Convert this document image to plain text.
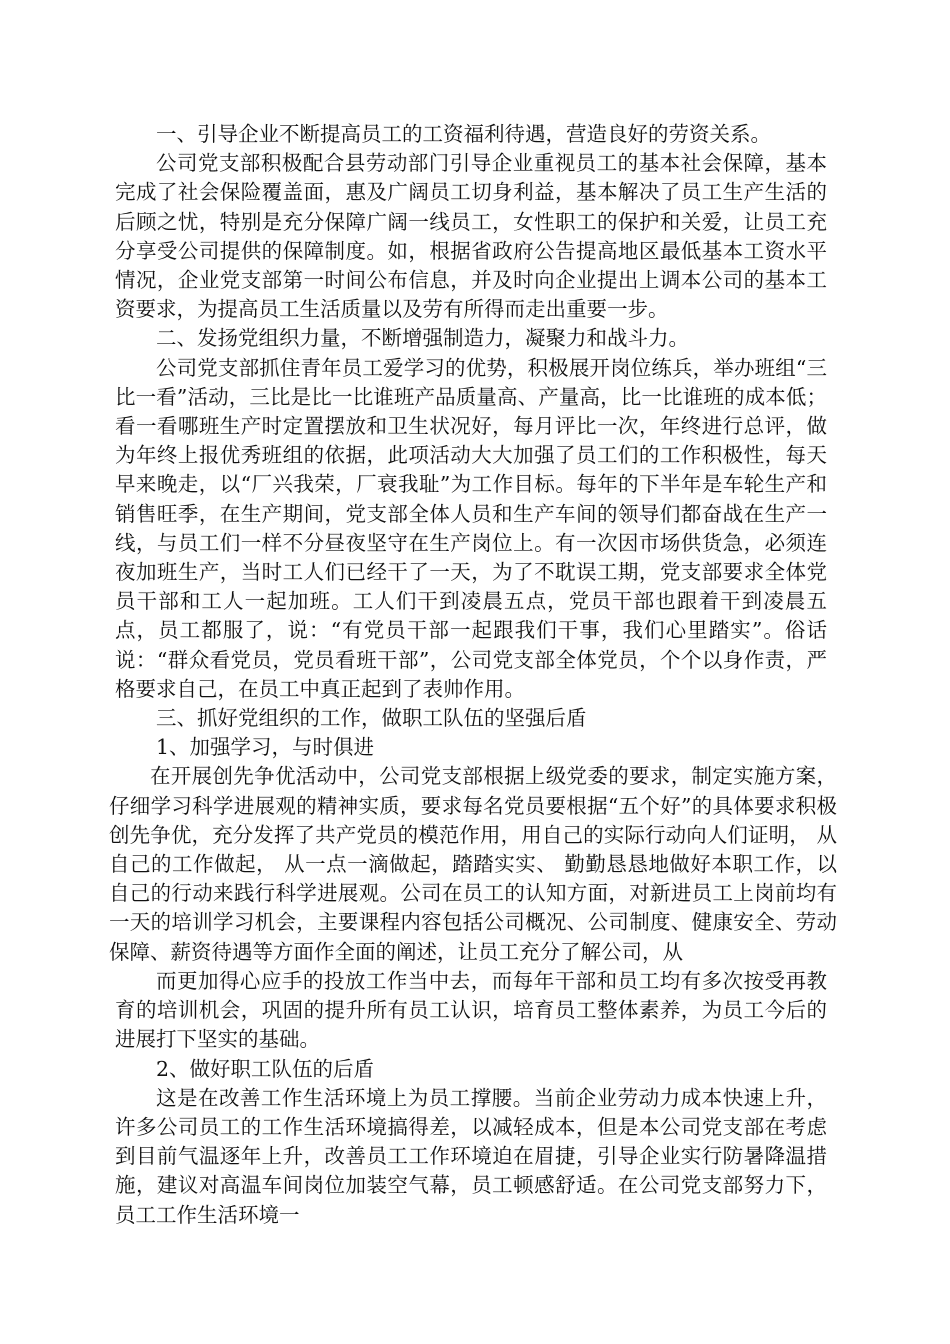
一、引导企业不断提高员工的工资福利待遇，营造良好的劳资关系。

公司党支部积极配合县劳动部门引导企业重视员工的基本社会保障，基本完成了社会保险覆盖面，惠及广阔员工切身利益，基本解决了员工生产生活的后顾之忧，特别是充分保障广阔一线员工，女性职工的保护和关爱，让员工充分享受公司提供的保障制度。如，根据省政府公告提高地区最低基本工资水平情况，企业党支部第一时间公布信息，并及时向企业提出上调本公司的基本工资要求，为提高员工生活质量以及劳有所得而走出重要一步。

二、发扬党组织力量，不断增强制造力，凝聚力和战斗力。

公司党支部抓住青年员工爱学习的优势，积极展开岗位练兵，举办班组“三比一看”活动，三比是比一比谁班产品质量高、产量高，比一比谁班的成本低；看一看哪班生产时定置摆放和卫生状况好，每月评比一次，年终进行总评，做为年终上报优秀班组的依据，此项活动大大加强了员工们的工作积极性，每天早来晚走，以“厂兴我荣，厂衰我耻”为工作目标。每年的下半年是车轮生产和销售旺季，在生产期间，党支部全体人员和生产车间的领导们都奋战在生产一线，与员工们一样不分昼夜坚守在生产岗位上。有一次因市场供货急，必须连夜加班生产，当时工人们已经干了一天，为了不耽误工期，党支部要求全体党员干部和工人一起加班。工人们干到凌晨五点，党员干部也跟着干到凌晨五点，员工都服了，说：“有党员干部一起跟我们干事，我们心里踏实”。俗话说：“群众看党员，党员看班干部”，公司党支部全体党员，个个以身作责，严格要求自己，在员工中真正起到了表帅作用。

三、抓好党组织的工作，做职工队伍的坚强后盾

1、加强学习，与时俱进

在开展创先争优活动中，公司党支部根据上级党委的要求，制定实施方案，仔细学习科学进展观的精神实质，要求每名党员要根据“五个好”的具体要求积极创先争优，充分发挥了共产党员的模范作用，用自己的实际行动向人们证明， 从自己的工作做起， 从一点一滴做起，踏踏实实、 勤勤恳恳地做好本职工作，以自己的行动来践行科学进展观。公司在员工的认知方面，对新进员工上岗前均有一天的培训学习机会，主要课程内容包括公司概况、公司制度、健康安全、劳动保障、薪资待遇等方面作全面的阐述，让员工充分了解公司，从

而更加得心应手的投放工作当中去，而每年干部和员工均有多次按受再教育的培训机会，巩固的提升所有员工认识，培育员工整体素养，为员工今后的进展打下坚实的基础。

2、做好职工队伍的后盾

这是在改善工作生活环境上为员工撑腰。当前企业劳动力成本快速上升，许多公司员工的工作生活环境搞得差，以减轻成本，但是本公司党支部在考虑到目前气温逐年上升，改善员工工作环境迫在眉捷，引导企业实行防暑降温措施，建议对高温车间岗位加装空气幕，员工顿感舒适。在公司党支部努力下，员工工作生活环境一
